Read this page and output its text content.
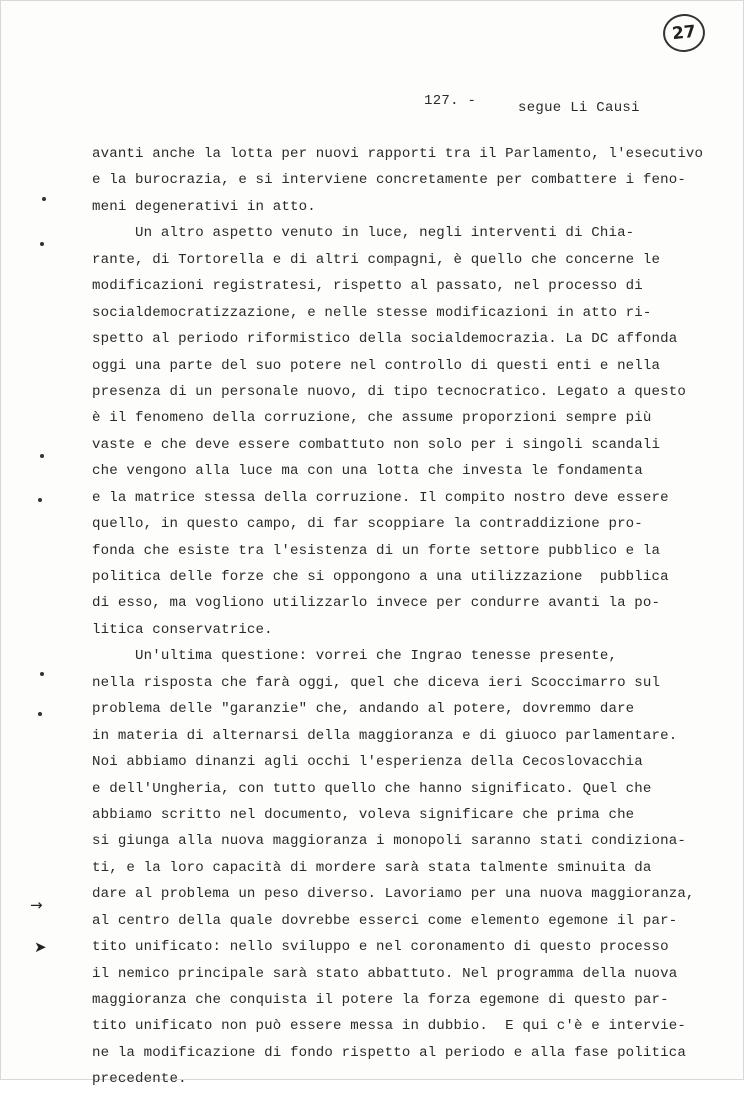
27
127. -	segue Li Causi
→
➤
avanti anche la lotta per nuovi rapporti tra il Parlamento, l'esecutivo
e la burocrazia, e si interviene concretamente per combattere i feno-
meni degenerativi in atto.
Un altro aspetto venuto in luce, negli interventi di Chia-
rante, di Tortorella e di altri compagni, è quello che concerne le
modificazioni registratesi, rispetto al passato, nel processo di
socialdemocratizzazione, e nelle stesse modificazioni in atto ri-
spetto al periodo riformistico della socialdemocrazia. La DC affonda
oggi una parte del suo potere nel controllo di questi enti e nella
presenza di un personale nuovo, di tipo tecnocratico. Legato a questo
è il fenomeno della corruzione, che assume proporzioni sempre più
vaste e che deve essere combattuto non solo per i singoli scandali
che vengono alla luce ma con una lotta che investa le fondamenta
e la matrice stessa della corruzione. Il compito nostro deve essere
quello, in questo campo, di far scoppiare la contraddizione pro-
fonda che esiste tra l'esistenza di un forte settore pubblico e la
politica delle forze che si oppongono a una utilizzazione  pubblica
di esso, ma vogliono utilizzarlo invece per condurre avanti la po-
litica conservatrice.
Un'ultima questione: vorrei che Ingrao tenesse presente,
nella risposta che farà oggi, quel che diceva ieri Scoccimarro sul
problema delle "garanzie" che, andando al potere, dovremmo dare
in materia di alternarsi della maggioranza e di giuoco parlamentare.
Noi abbiamo dinanzi agli occhi l'esperienza della Cecoslovacchia
e dell'Ungheria, con tutto quello che hanno significato. Quel che
abbiamo scritto nel documento, voleva significare che prima che
si giunga alla nuova maggioranza i monopoli saranno stati condiziona-
ti, e la loro capacità di mordere sarà stata talmente sminuita da
dare al problema un peso diverso. Lavoriamo per una nuova maggioranza,
al centro della quale dovrebbe esserci come elemento egemone il par-
tito unificato: nello sviluppo e nel coronamento di questo processo
il nemico principale sarà stato abbattuto. Nel programma della nuova
maggioranza che conquista il potere la forza egemone di questo par-
tito unificato non può essere messa in dubbio.  E qui c'è e intervie-
ne la modificazione di fondo rispetto al periodo e alla fase politica
precedente.
